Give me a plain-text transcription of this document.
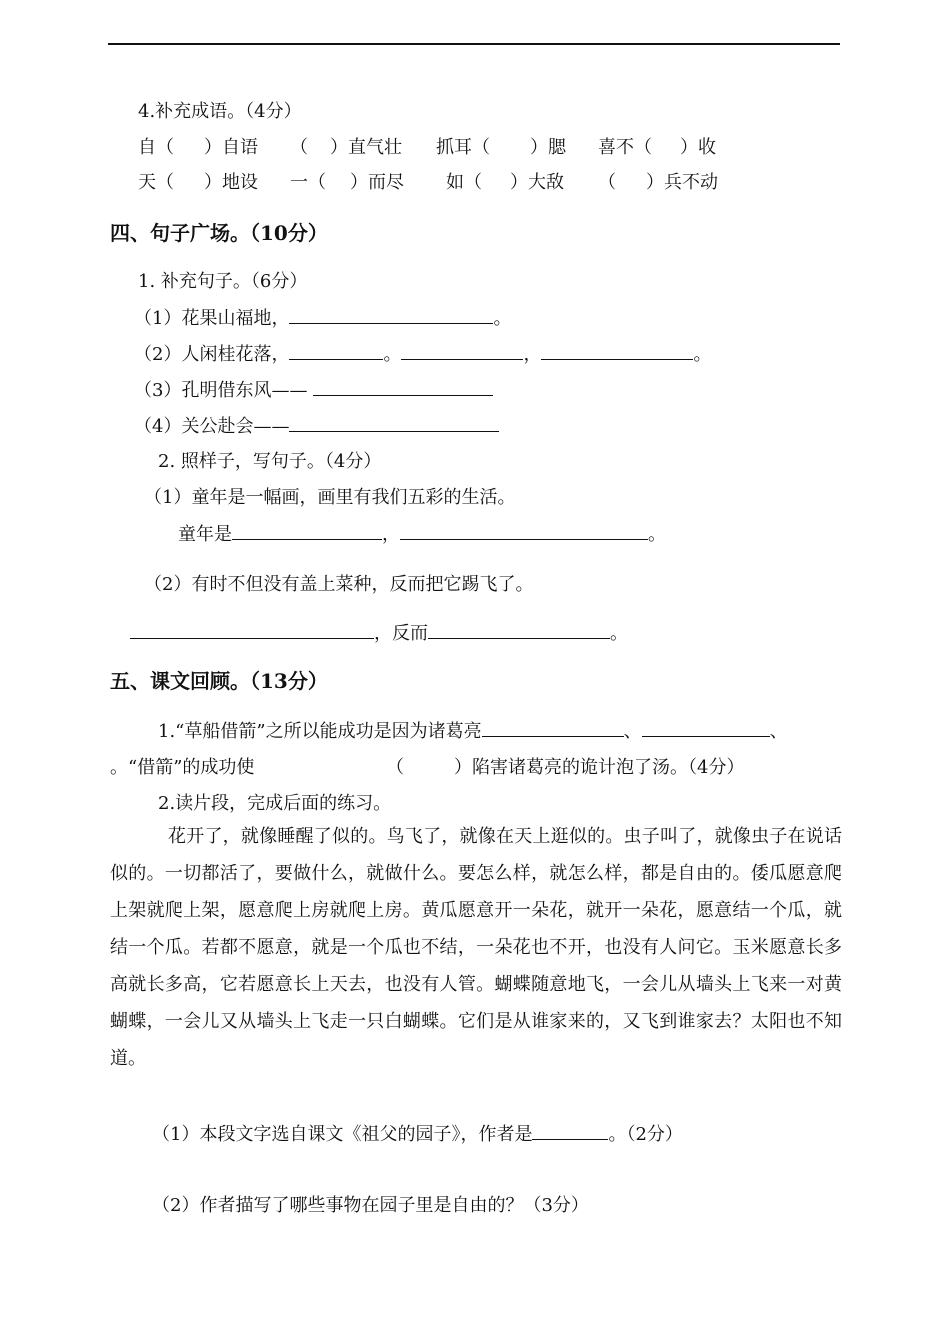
4.补充成语。（4分）
自（ ）自语 （ ）直气壮 抓耳（ ）腮 喜不（ ）收
天（ ）地设 一（ ）而尽 如（ ）大敌 （ ）兵不动
四、句子广场。（10分）
1. 补充句子。（6分）
（1）花果山福地，	。
（2）人闲桂花落，	。	，	。
（3）孔明借东风——
（4）关公赴会——
2. 照样子，写句子。（4分）
（1）童年是一幅画，画里有我们五彩的生活。
童年是	，	。
（2）有时不但没有盖上菜种，反而把它踢飞了。
，反而	。
五、课文回顾。（13分）
1.“草船借箭”之所以能成功是因为诸葛亮	、	、
。“借箭”的成功使	（	）陷害诸葛亮的诡计泡了汤。（4分）
2.读片段，完成后面的练习。
花开了，就像睡醒了似的。鸟飞了，就像在天上逛似的。虫子叫了，就像虫子在说话似的。一切都活了，要做什么，就做什么。要怎么样，就怎么样，都是自由的。倭瓜愿意爬上架就爬上架，愿意爬上房就爬上房。黄瓜愿意开一朵花，就开一朵花，愿意结一个瓜，就结一个瓜。若都不愿意，就是一个瓜也不结，一朵花也不开，也没有人问它。玉米愿意长多高就长多高，它若愿意长上天去，也没有人管。蝴蝶随意地飞，一会儿从墙头上飞来一对黄蝴蝶，一会儿又从墙头上飞走一只白蝴蝶。它们是从谁家来的，又飞到谁家去？太阳也不知道。
（1）本段文字选自课文《祖父的园子》，作者是	。（2分）
（2）作者描写了哪些事物在园子里是自由的？（3分）
